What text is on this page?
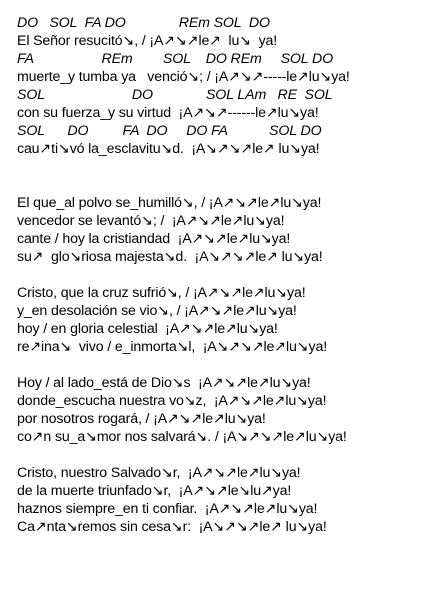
DO   SOL  FA DO              REm SOL  DO
El Señor resucitó↘, / ¡A↗↘↗le↗  lu↘  ya!
FA                  REm        SOL    DO REm     SOL DO
muerte_y tumba ya   venció↘; / ¡A↗↘↗-----le↗lu↘ya!
SOL                       DO              SOL LAm   RE  SOL
con su fuerza_y su virtud  ¡A↗↘↗------le↗lu↘ya!
SOL      DO         FA  DO     DO FA           SOL DO
cau↗ti↘vó la_esclavitu↘d.  ¡A↘↗↘↗le↗ lu↘ya!
El que_al polvo se_humilló↘, / ¡A↗↘↗le↗lu↘ya!
vencedor se levantó↘; /  ¡A↗↘↗le↗lu↘ya!
cante / hoy la cristiandad  ¡A↗↘↗le↗lu↘ya!
su↗  glo↘riosa majesta↘d.  ¡A↘↗↘↗le↗ lu↘ya!
Cristo, que la cruz sufrió↘, / ¡A↗↘↗le↗lu↘ya!
y_en desolación se vio↘, / ¡A↗↘↗le↗lu↘ya!
hoy / en gloria celestial  ¡A↗↘↗le↗lu↘ya!
re↗ina↘  vivo / e_inmorta↘l,  ¡A↘↗↘↗le↗lu↘ya!
Hoy / al lado_está de Dio↘s  ¡A↗↘↗le↗lu↘ya!
donde_escucha nuestra vo↘z,  ¡A↗↘↗le↗lu↘ya!
por nosotros rogará, / ¡A↗↘↗le↗lu↘ya!
co↗n su_a↘mor nos salvará↘. / ¡A↘↗↘↗le↗lu↘ya!
Cristo, nuestro Salvado↘r,  ¡A↗↘↗le↗lu↘ya!
de la muerte triunfado↘r,  ¡A↗↘↗le↘lu↗ya!
haznos siempre_en ti confiar.  ¡A↗↘↗le↗lu↘ya!
Ca↗nta↘remos sin cesa↘r:  ¡A↘↗↘↗le↗ lu↘ya!
